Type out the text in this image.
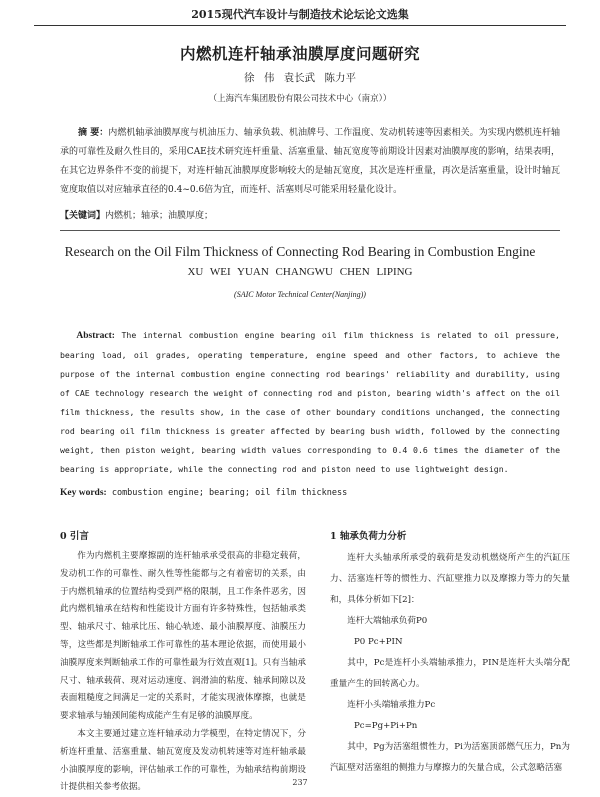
2015现代汽车设计与制造技术论坛论文选集
内燃机连杆轴承油膜厚度问题研究
徐 伟 袁长武 陈力平
（上海汽车集团股份有限公司技术中心（南京））
摘 要：内燃机轴承油膜厚度与机油压力、轴承负载、机油牌号、工作温度、发动机转速等因素相关。为实现内燃机连杆轴承的可靠性及耐久性目的，采用CAE技术研究连杆重量、活塞重量、轴瓦宽度等前期设计因素对油膜厚度的影响，结果表明，在其它边界条件不变的前提下，对连杆轴瓦油膜厚度影响较大的是轴瓦宽度，其次是连杆重量，再次是活塞重量，设计时轴瓦宽度取值以对应轴承直径的0.4~0.6倍为宜，而连杆、活塞则尽可能采用轻量化设计。
【关键词】内燃机；轴承；油膜厚度；
Research on the Oil Film Thickness of Connecting Rod Bearing in Combustion Engine
XU WEI YUAN CHANGWU CHEN LIPING
(SAIC Motor Technical Center(Nanjing))
Abstract: The internal combustion engine bearing oil film thickness is related to oil pressure, bearing load, oil grades, operating temperature, engine speed and other factors, to achieve the purpose of the internal combustion engine connecting rod bearings' reliability and durability, using of CAE technology research the weight of connecting rod and piston, bearing width's affect on the oil film thickness, the results show, in the case of other boundary conditions unchanged, the connecting rod bearing oil film thickness is greater affected by bearing bush width, followed by the connecting weight, then piston weight, bearing width values corresponding to 0.4 0.6 times the diameter of the bearing is appropriate, while the connecting rod and piston need to use lightweight design.
Key words: combustion engine; bearing; oil film thickness
0 引言

作为内燃机主要摩擦副的连杆轴承承受很高的非稳定载荷，发动机工作的可靠性、耐久性等性能都与之有着密切的关系，由于内燃机轴承的位置结构受到严格的限制，且工作条件恶劣，因此内燃机轴承在结构和性能设计方面有许多特殊性，包括轴承类型、轴承尺寸、轴承比压、轴心轨迹、最小油膜厚度、油膜压力等，这些都是判断轴承工作可靠性的基本理论依据，而使用最小油膜厚度来判断轴承工作的可靠性最为行效直观[1]。只有当轴承尺寸、轴承载荷、现对运动速度、润滑油的粘度、轴承间隙以及表面粗糙度之间满足一定的关系时，才能实现液体摩擦，也就是要求轴承与轴颈间能构成能产生有足够的油膜厚度。

本文主要通过建立连杆轴承动力学模型，在特定情况下，分析连杆重量、活塞重量、轴瓦宽度及发动机转速等对连杆轴承最小油膜厚度的影响，评估轴承工作的可靠性，为轴承结构前期设计提供相关参考依据。

1 轴承负荷力分析

连杆大头轴承所承受的载荷是发动机燃烧所产生的汽缸压力、活塞连杆等的惯性力、汽缸壁推力以及摩擦力等力的矢量和，具体分析如下[2]：

连杆大端轴承负荷P0

P0 Pc+PIN

其中，Pc是连杆小头端轴承推力，PIN是连杆大头端分配重量产生的回转离心力。

连杆小头端轴承推力Pc

Pc=Pg+Pi+Pn

其中，Pg为活塞组惯性力，Pi为活塞顶部燃气压力，Pn为汽缸壁对活塞组的侧推力与摩擦力的矢量合成，公式忽略活塞

237
